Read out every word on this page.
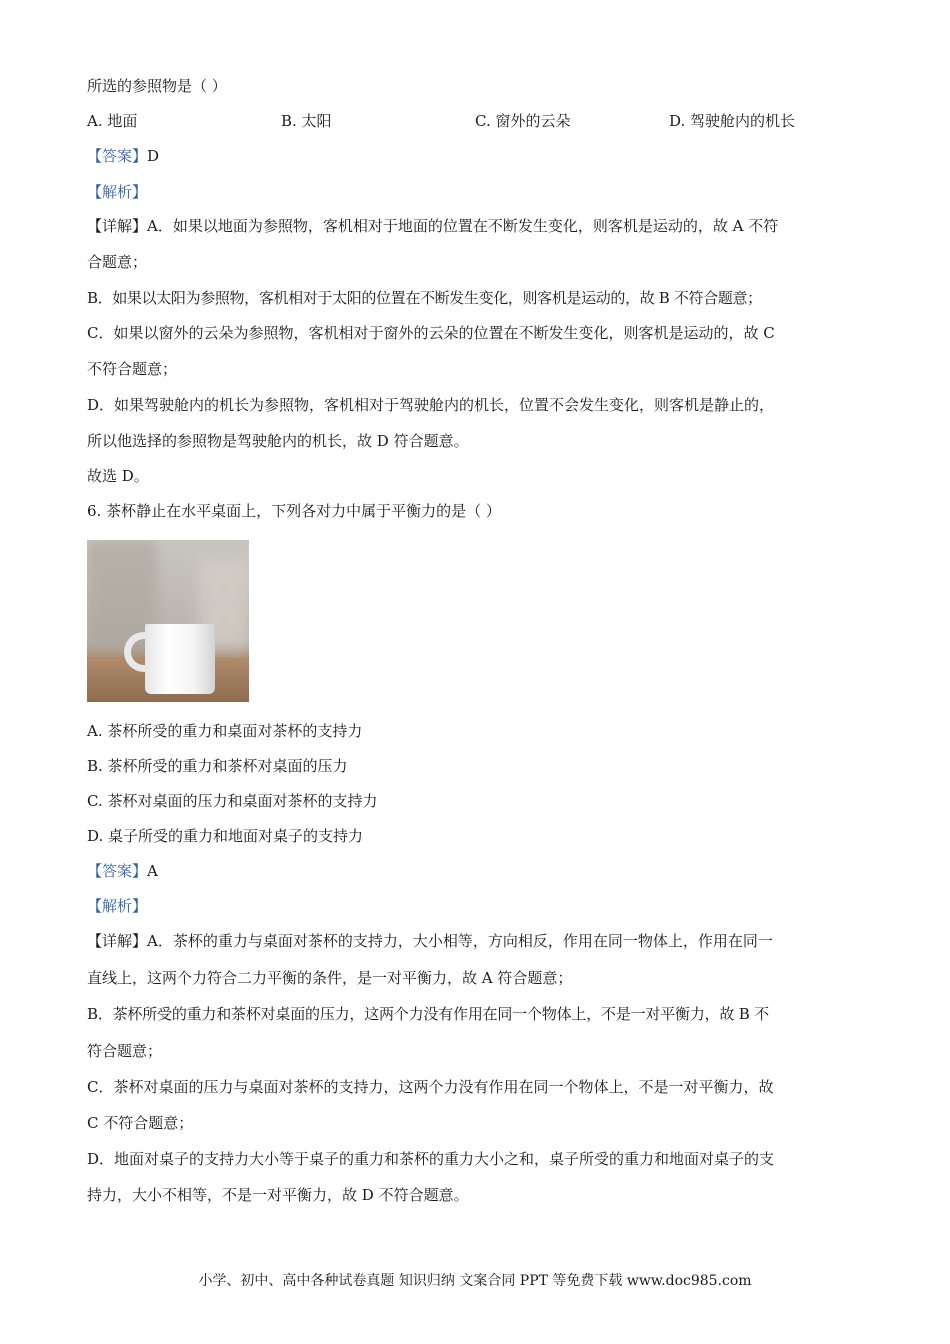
所选的参照物是（ ）
A. 地面	B. 太阳	C. 窗外的云朵	D. 驾驶舱内的机长
【答案】D
【解析】
【详解】A．如果以地面为参照物，客机相对于地面的位置在不断发生变化，则客机是运动的，故 A 不符
合题意；
B．如果以太阳为参照物，客机相对于太阳的位置在不断发生变化，则客机是运动的，故 B 不符合题意；
C．如果以窗外的云朵为参照物，客机相对于窗外的云朵的位置在不断发生变化，则客机是运动的，故 C
不符合题意；
D．如果驾驶舱内的机长为参照物，客机相对于驾驶舱内的机长，位置不会发生变化，则客机是静止的，
所以他选择的参照物是驾驶舱内的机长，故 D 符合题意。
故选 D。
6. 茶杯静止在水平桌面上，下列各对力中属于平衡力的是（ ）
A. 茶杯所受的重力和桌面对茶杯的支持力
B. 茶杯所受的重力和茶杯对桌面的压力
C. 茶杯对桌面的压力和桌面对茶杯的支持力
D. 桌子所受的重力和地面对桌子的支持力
【答案】A
【解析】
【详解】A．茶杯的重力与桌面对茶杯的支持力，大小相等，方向相反，作用在同一物体上，作用在同一
直线上，这两个力符合二力平衡的条件，是一对平衡力，故 A 符合题意；
B．茶杯所受的重力和茶杯对桌面的压力，这两个力没有作用在同一个物体上，不是一对平衡力，故 B 不
符合题意；
C．茶杯对桌面的压力与桌面对茶杯的支持力，这两个力没有作用在同一个物体上，不是一对平衡力，故
C 不符合题意；
D．地面对桌子的支持力大小等于桌子的重力和茶杯的重力大小之和，桌子所受的重力和地面对桌子的支
持力，大小不相等，不是一对平衡力，故 D 不符合题意。
小学、初中、高中各种试卷真题 知识归纳 文案合同 PPT 等免费下载 www.doc985.com
